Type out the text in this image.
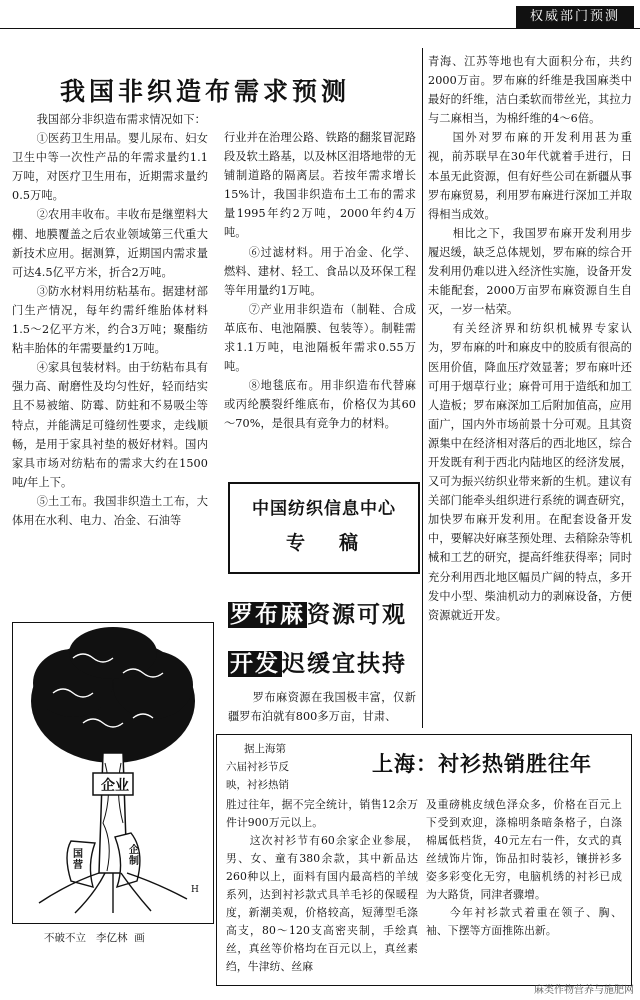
权威部门预测
我国非织造布需求预测

我国部分非织造布需求情况如下：

①医药卫生用品。婴儿尿布、妇女卫生中等一次性产品的年需求量约1.1万吨，对医疗卫生用布，近期需求量约0.5万吨。

②农用丰收布。丰收布是继塑料大棚、地膜覆盖之后农业领域第三代重大新技术应用。据测算，近期国内需求量可达4.5亿平方米，折合2万吨。

③防水材料用纺粘基布。据建材部门生产情况，每年约需纤维胎体材料1.5～2亿平方米，约合3万吨；聚酯纺粘丰胎体的年需要量约1万吨。

④家具包装材料。由于纺粘布具有强力高、耐磨性及均匀性好，轻而结实且不易被缩、防霉、防蛀和不易吸尘等特点，并能满足可缝纫性要求，走线顺畅，是用于家具衬垫的极好材料。国内家具市场对纺粘布的需求大约在1500吨/年上下。

⑤土工布。我国非织造土工布，大体用在水利、电力、冶金、石油等

行业并在治理公路、铁路的翻浆冒泥路段及软土路基，以及林区泪塔地带的无铺制道路的隔离层。若按年需求增长15%计，我国非织造布土工布的需求量1995年约2万吨，2000年约4万吨。

⑥过滤材料。用于冶金、化学、燃料、建材、轻工、食品以及环保工程等年用量约1万吨。

⑦产业用非织造布（制鞋、合成革底布、电池隔膜、包装等）。制鞋需求1.1万吨，电池隔板年需求0.55万吨。

⑧地毯底布。用非织造布代替麻或丙纶膜裂纤维底布，价格仅为其60～70%，是很具有竞争力的材料。

中国纺织信息中心
专稿
罗布麻资源可观
开发迟缓宜扶持

罗布麻资源在我国极丰富，仅新疆罗布泊就有800多万亩，甘肃、

青海、江苏等地也有大面积分布，共约2000万亩。罗布麻的纤维是我国麻类中最好的纤维，洁白柔软而带丝光，其拉力与二麻相当，为棉纤维的4～6倍。

国外对罗布麻的开发利用甚为重视，前苏联早在30年代就着手进行，日本虽无此资源，但有好些公司在新疆从事罗布麻贸易，利用罗布麻进行深加工并取得相当成效。

相比之下，我国罗布麻开发利用步履迟缓，缺乏总体规划，罗布麻的综合开发利用仍难以进入经济性实施，设备开发未能配套，2000万亩罗布麻资源自生自灭，一岁一枯荣。

有关经济界和纺织机械界专家认为，罗布麻的叶和麻皮中的胶质有很高的医用价值，降血压疗效显著；罗布麻叶还可用于烟草行业；麻骨可用于造纸和加工人造板；罗布麻深加工后附加值高，应用面广，国内外市场前景十分可观。且其资源集中在经济相对落后的西北地区，综合开发既有利于西北内陆地区的经济发展，又可为振兴纺织业带来新的生机。建议有关部门能牵头组织进行系统的调查研究，加快罗布麻开发利用。在配套设备开发中，要解决好麻茎预处理、去稍除杂等机械和工艺的研究，提高纤维获得率；同时充分利用西北地区幅员广阔的特点，多开发中小型、柴油机动力的剥麻设备，方便资源就近开发。

企业
国营
企制
H
不破不立 李亿林 画
上海：衬衫热销胜往年
据上海第
六届衬衫节反
映，衬衫热销

胜过往年，据不完全统计，销售12余万件计900万元以上。

这次衬衫节有60余家企业参展，男、女、童有380余款，其中新品达260种以上，面料有国内最高档的羊绒系列，达到衬衫款式具羊毛衫的保暖程度，新潮美观，价格较高，短薄型毛涤高支，80～120支高密夹制，手绘真丝，真丝等价格均在百元以上，真丝素绉，牛津纺、丝麻

及重磅桃皮绒色泽众多，价格在百元上下受到欢迎，涤棉明条暗条格子，白涤棉属低档货，40元左右一件，女式的真丝绒饰片饰，饰品扣时装衫，镶拼衫多姿多彩变化无穷，电脑机绣的衬衫已成为大路货，同津者骤增。

今年衬衫款式着重在领子、胸、袖、下摆等方面推陈出新。

麻类作物营养与施肥网
